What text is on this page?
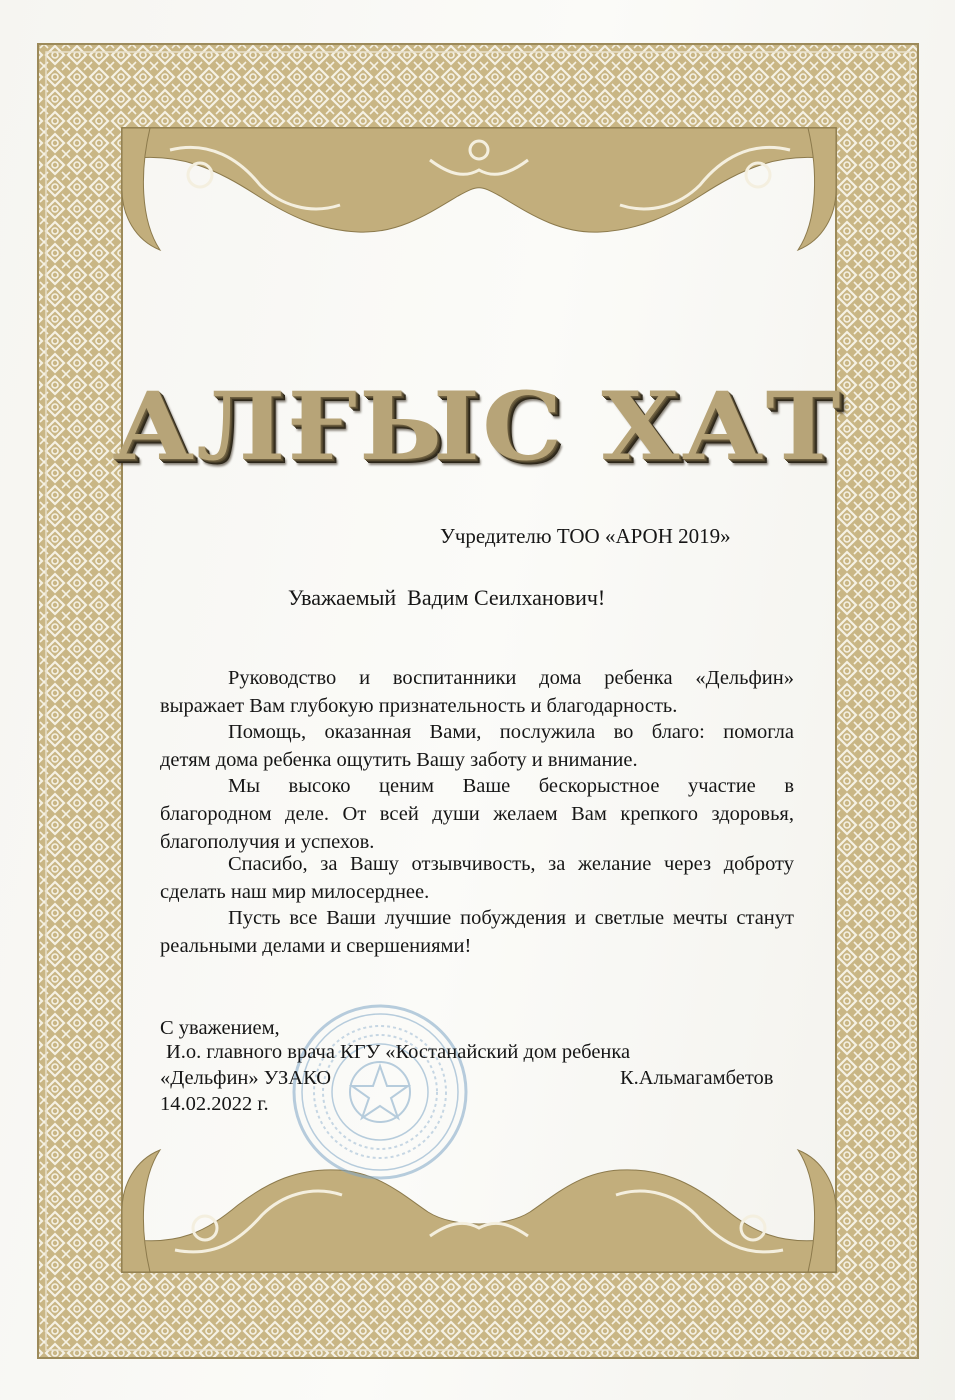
АЛҒЫС ХАТ
Учредителю ТОО «АРОН 2019»
Уважаемый  Вадим Сеилханович!
Руководство и воспитанники дома ребенка «Дельфин»
выражает Вам глубокую признательность и благодарность.
Помощь, оказанная Вами, послужила во благо: помогла
детям дома ребенка ощутить Вашу заботу и внимание.
Мы высоко ценим Ваше бескорыстное участие в
благородном деле. От всей души желаем Вам крепкого здоровья,
благополучия и успехов.
Спасибо, за Вашу отзывчивость, за желание через доброту
сделать наш мир милосерднее.
Пусть все Ваши лучшие побуждения и светлые мечты станут
реальными делами и свершениями!
С уважением,
И.о. главного врача КГУ «Костанайский дом ребенка
«Дельфин» УЗАКО	К.Альмагамбетов
14.02.2022 г.
